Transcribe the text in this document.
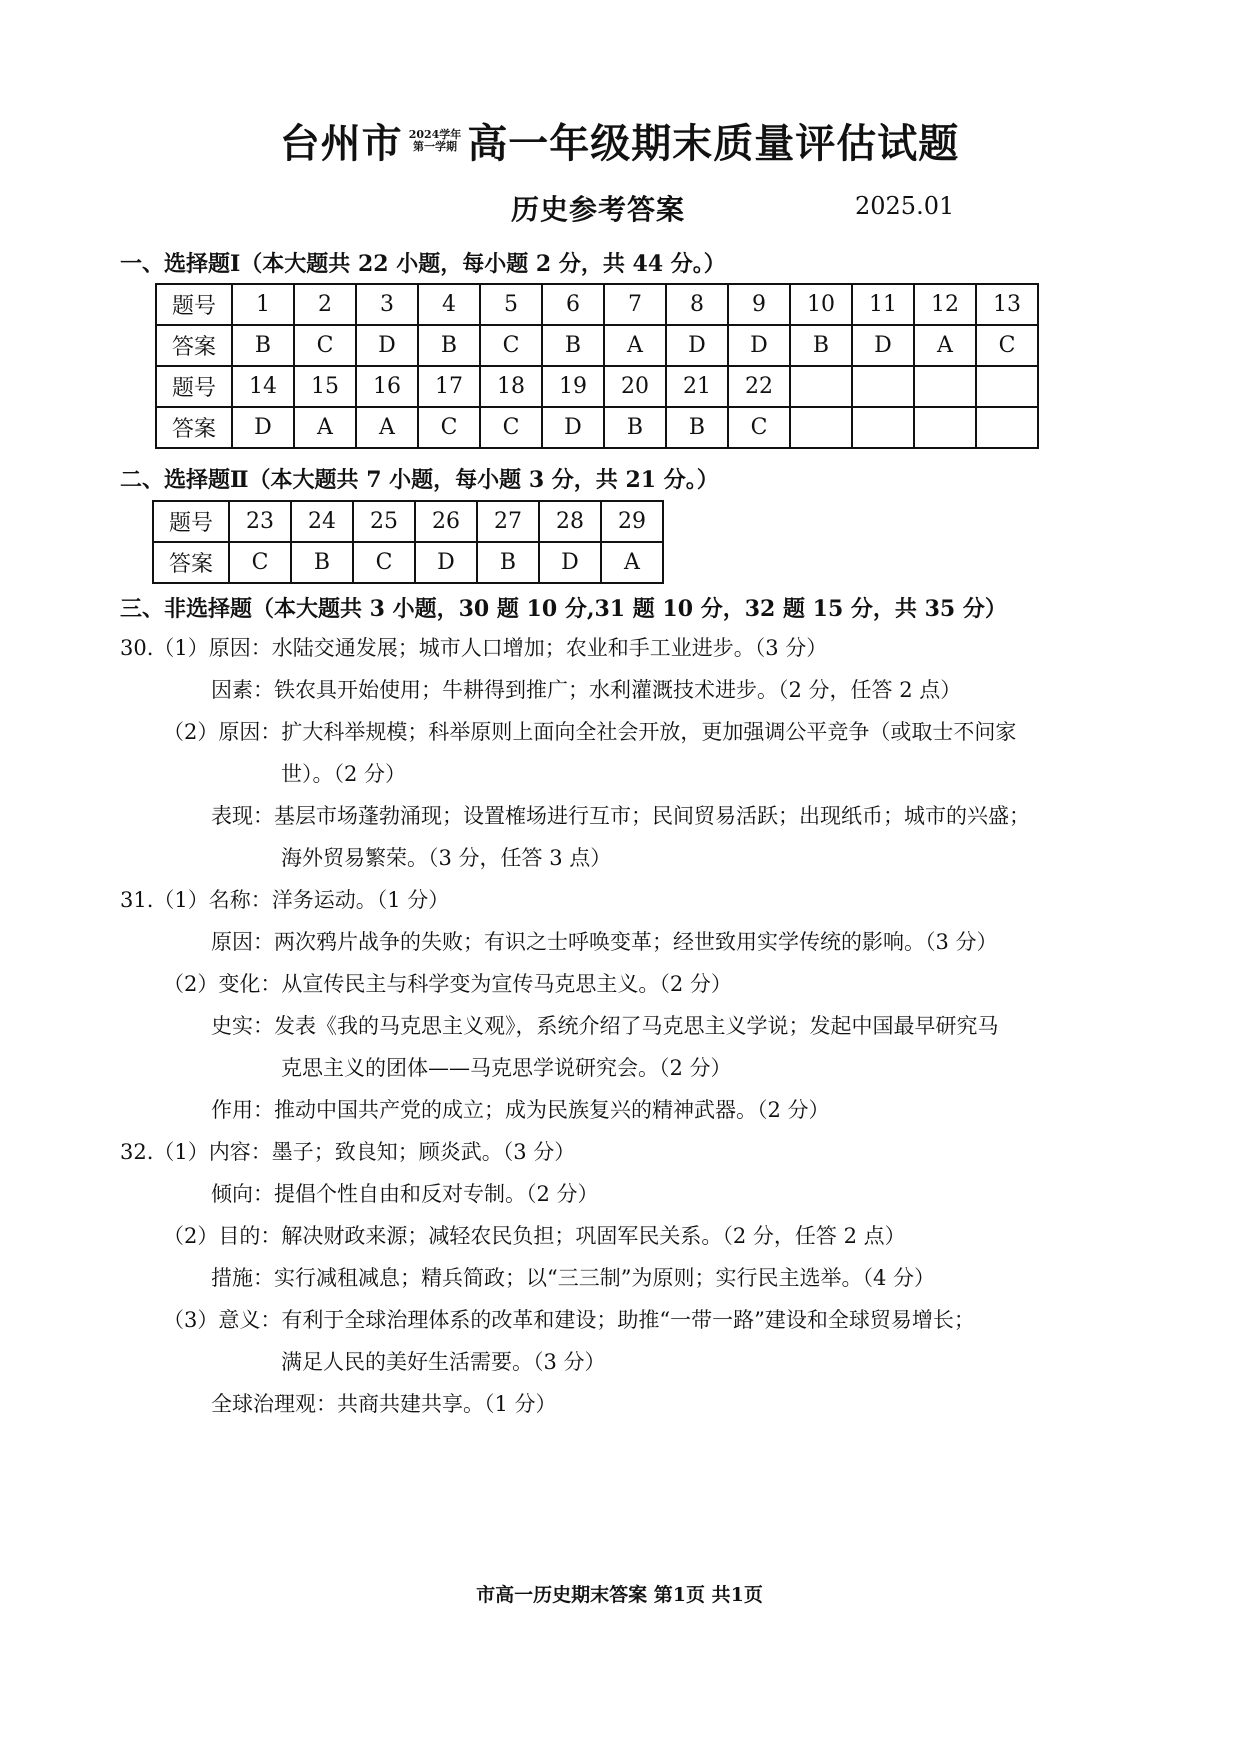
台州市 2024学年
第一学期 高一年级期末质量评估试题
历史参考答案	2025.01
一、选择题Ⅰ（本大题共 22 小题，每小题 2 分，共 44 分。）
题号	1	2	3	4	5	6	7	8	9	10	11	12	13
答案	B	C	D	B	C	B	A	D	D	B	D	A	C
题号	14	15	16	17	18	19	20	21	22				
答案	D	A	A	C	C	D	B	B	C				
二、选择题Ⅱ（本大题共 7 小题，每小题 3 分，共 21 分。）
题号	23	24	25	26	27	28	29
答案	C	B	C	D	B	D	A
三、非选择题（本大题共 3 小题，30 题 10 分,31 题 10 分，32 题 15 分，共 35 分）
30.（1）原因：水陆交通发展；城市人口增加；农业和手工业进步。（3 分）
因素：铁农具开始使用；牛耕得到推广；水利灌溉技术进步。（2 分，任答 2 点）
（2）原因：扩大科举规模；科举原则上面向全社会开放，更加强调公平竞争（或取士不问家
世）。（2 分）
表现：基层市场蓬勃涌现；设置榷场进行互市；民间贸易活跃；出现纸币；城市的兴盛；
海外贸易繁荣。（3 分，任答 3 点）
31.（1）名称：洋务运动。（1 分）
原因：两次鸦片战争的失败；有识之士呼唤变革；经世致用实学传统的影响。（3 分）
（2）变化：从宣传民主与科学变为宣传马克思主义。（2 分）
史实：发表《我的马克思主义观》，系统介绍了马克思主义学说；发起中国最早研究马
克思主义的团体——马克思学说研究会。（2 分）
作用：推动中国共产党的成立；成为民族复兴的精神武器。（2 分）
32.（1）内容：墨子；致良知；顾炎武。（3 分）
倾向：提倡个性自由和反对专制。（2 分）
（2）目的：解决财政来源；减轻农民负担；巩固军民关系。（2 分，任答 2 点）
措施：实行减租减息；精兵简政；以“三三制”为原则；实行民主选举。（4 分）
（3）意义：有利于全球治理体系的改革和建设；助推“一带一路”建设和全球贸易增长；
满足人民的美好生活需要。（3 分）
全球治理观：共商共建共享。（1 分）
市高一历史期末答案 第1页 共1页
